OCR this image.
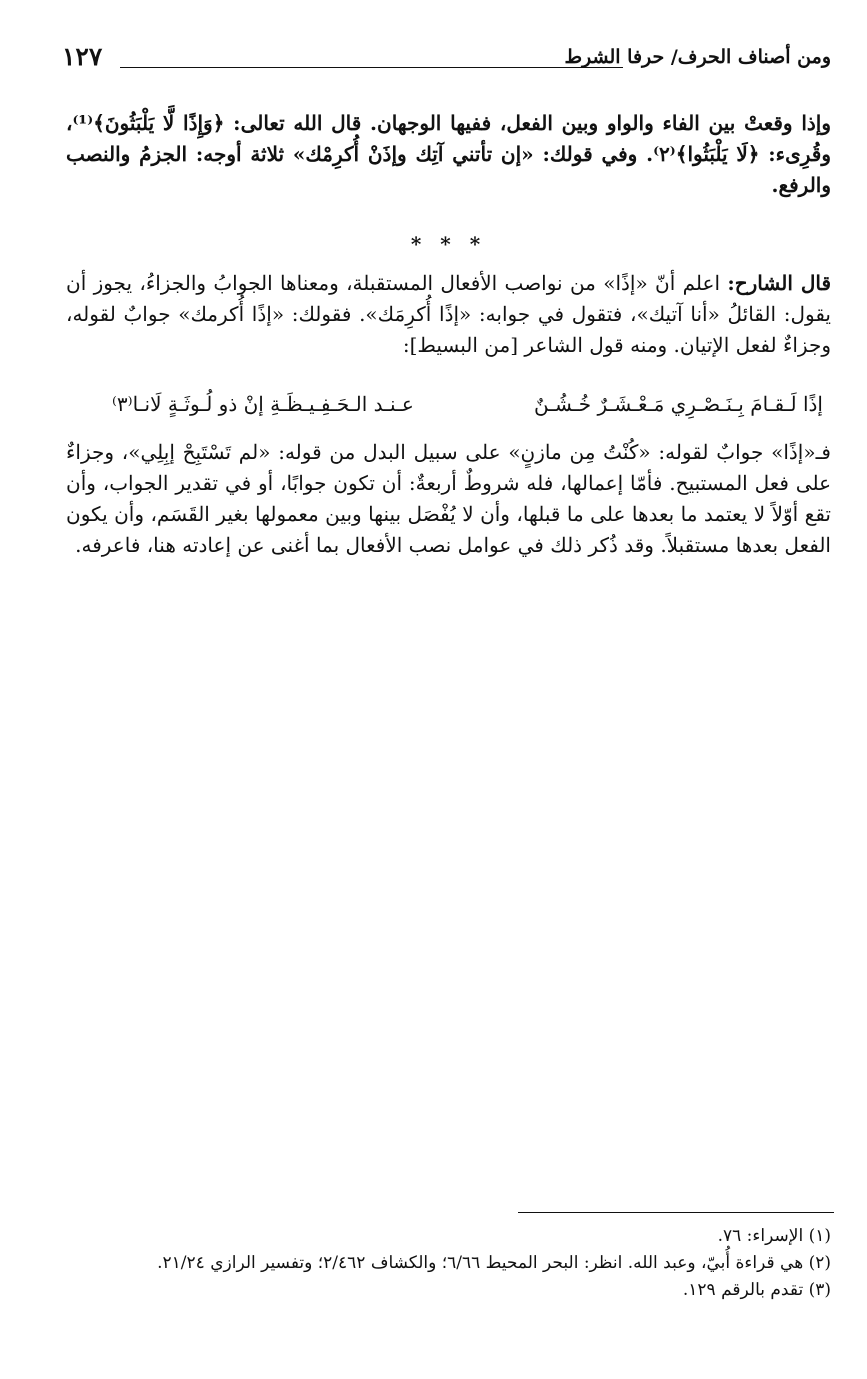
١٢٧	ومن أصناف الحرف/ حرفا الشرط

وإذا وقعتْ بين الفاء والواو وبين الفعل، ففيها الوجهان. قال الله تعالى: ﴿وَإِذًا لَّا يَلْبَثُونَ﴾⁽¹⁾، وقُرِىء: ﴿لَا يَلْبَثُوا﴾⁽٢⁾. وفي قولك: «إن تأتني آتِك وإذَنْ أُكرِمْك» ثلاثة أوجه: الجزمُ والنصب والرفع.

* * *

قال الشارح: اعلم أنّ «إذًا» من نواصب الأفعال المستقبلة، ومعناها الجوابُ والجزاءُ، يجوز أن يقول: القائلُ «أنا آتيك»، فتقول في جوابه: «إذًا أُكرِمَك». فقولك: «إذًا أُكرمك» جوابٌ لقوله، وجزاءٌ لفعل الإتيان. ومنه قول الشاعر [من البسيط]:

إذًا لَـقـامَ بِـنَـصْـرِي مَـعْـشَـرٌ خُـشُـنٌ
عـنـد الـحَـفِـيـظَـةِ إنْ ذو لُـوثَـةٍ لَانـا⁽٣⁾

فـ«إذًا» جوابٌ لقوله: «كُنْتُ مِن مازنٍ» على سبيل البدل من قوله: «لم تَسْتَبِحْ إبِلِي»، وجزاءٌ على فعل المستبيح. فأمّا إعمالها، فله شروطٌ أربعةٌ: أن تكون جوابًا، أو في تقدير الجواب، وأن تقع أوّلاً لا يعتمد ما بعدها على ما قبلها، وأن لا يُفْصَل بينها وبين معمولها بغير القَسَم، وأن يكون الفعل بعدها مستقبلاً. وقد ذُكر ذلك في عوامل نصب الأفعال بما أغنى عن إعادته هنا، فاعرفه.

(١) الإسراء: ٧٦.

(٢) هي قراءة أُبيّ، وعبد الله. انظر: البحر المحيط ٦/٦٦؛ والكشاف ٢/٤٦٢؛ وتفسير الرازي ٢١/٢٤.

(٣) تقدم بالرقم ١٢٩.
